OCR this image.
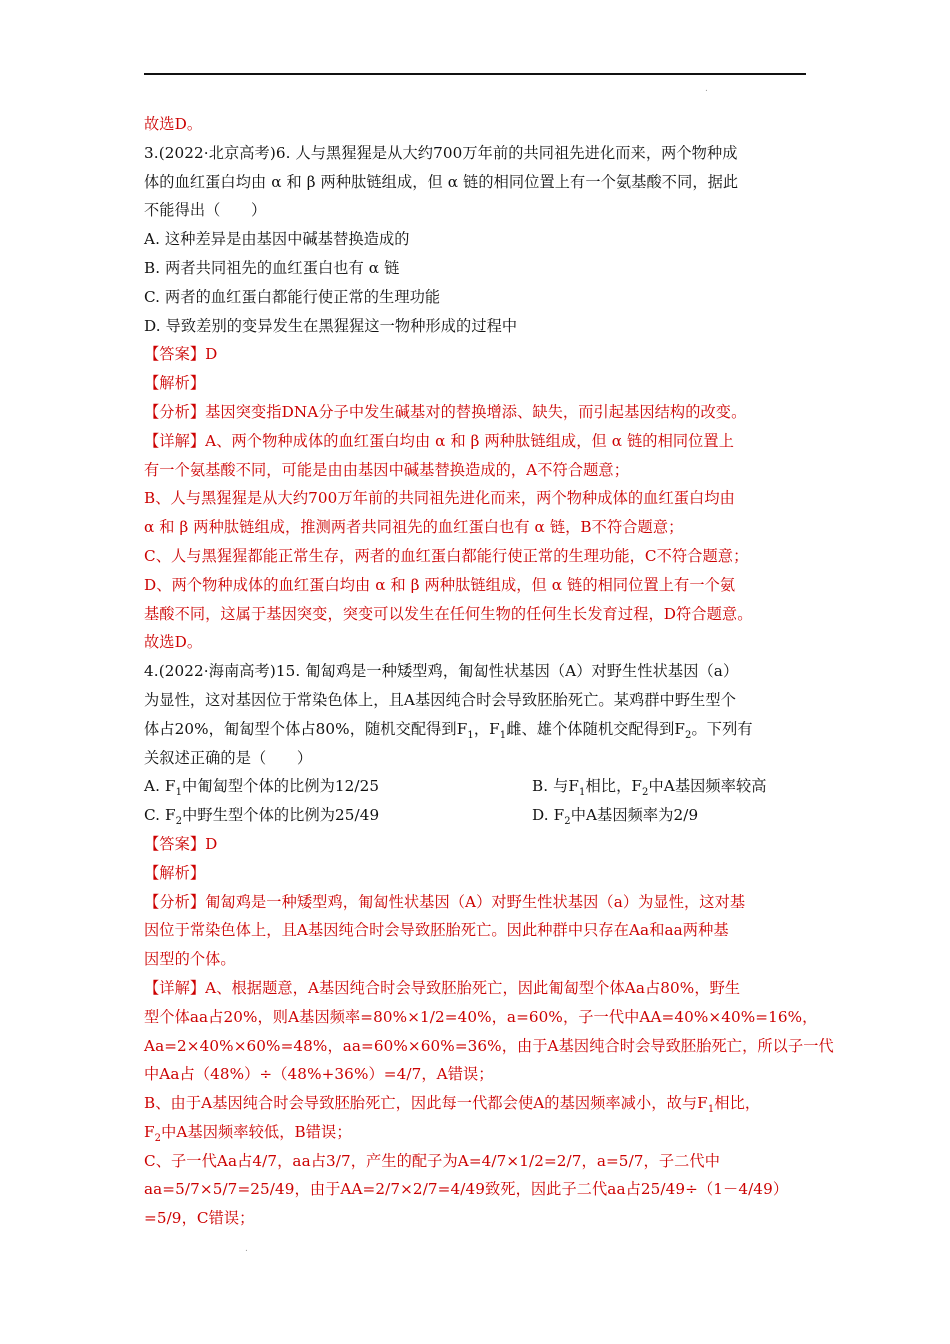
.
故选D。
3.(2022·北京高考)6. 人与黑猩猩是从大约700万年前的共同祖先进化而来，两个物种成
体的血红蛋白均由 α 和 β 两种肽链组成，但 α 链的相同位置上有一个氨基酸不同，据此
不能得出（　　）
A. 这种差异是由基因中碱基替换造成的
B. 两者共同祖先的血红蛋白也有 α 链
C. 两者的血红蛋白都能行使正常的生理功能
D. 导致差别的变异发生在黑猩猩这一物种形成的过程中
【答案】D
【解析】
【分析】基因突变指DNA分子中发生碱基对的替换增添、缺失，而引起基因结构的改变。
【详解】A、两个物种成体的血红蛋白均由 α 和 β 两种肽链组成，但 α 链的相同位置上
有一个氨基酸不同，可能是由由基因中碱基替换造成的，A不符合题意；
B、人与黑猩猩是从大约700万年前的共同祖先进化而来，两个物种成体的血红蛋白均由
α 和 β 两种肽链组成，推测两者共同祖先的血红蛋白也有 α 链，B不符合题意；
C、人与黑猩猩都能正常生存，两者的血红蛋白都能行使正常的生理功能，C不符合题意；
D、两个物种成体的血红蛋白均由 α 和 β 两种肽链组成，但 α 链的相同位置上有一个氨
基酸不同，这属于基因突变，突变可以发生在任何生物的任何生长发育过程，D符合题意。
故选D。
4.(2022·海南高考)15. 匍匐鸡是一种矮型鸡，匍匐性状基因（A）对野生性状基因（a）
为显性，这对基因位于常染色体上，且A基因纯合时会导致胚胎死亡。某鸡群中野生型个
体占20%，匍匐型个体占80%，随机交配得到$F_1$，$F_1$雌、雄个体随机交配得到$F_2$。下列有
关叙述正确的是（　　）
A. $F_1$中匍匐型个体的比例为12/25	B. 与$F_1$相比，$F_2$中A基因频率较高
C. $F_2$中野生型个体的比例为25/49	D. $F_2$中A基因频率为2/9
【答案】D
【解析】
【分析】匍匐鸡是一种矮型鸡，匍匐性状基因（A）对野生性状基因（a）为显性，这对基
因位于常染色体上，且A基因纯合时会导致胚胎死亡。因此种群中只存在Aa和aa两种基
因型的个体。
【详解】A、根据题意，A基因纯合时会导致胚胎死亡，因此匍匐型个体Aa占80%，野生
型个体aa占20%，则A基因频率=80%×1/2=40%，a=60%，子一代中AA=40%×40%=16%，
Aa=2×40%×60%=48%，aa=60%×60%=36%，由于A基因纯合时会导致胚胎死亡，所以子一代
中Aa占（48%）÷（48%+36%）=4/7，A错误；
B、由于A基因纯合时会导致胚胎死亡，因此每一代都会使A的基因频率减小，故与$F_1$相比，
$F_2$中A基因频率较低，B错误；
C、子一代Aa占4/7，aa占3/7，产生的配子为A=4/7×1/2=2/7，a=5/7，子二代中
aa=5/7×5/7=25/49，由于AA=2/7×2/7=4/49致死，因此子二代aa占25/49÷（1－4/49）
=5/9，C错误；
.
